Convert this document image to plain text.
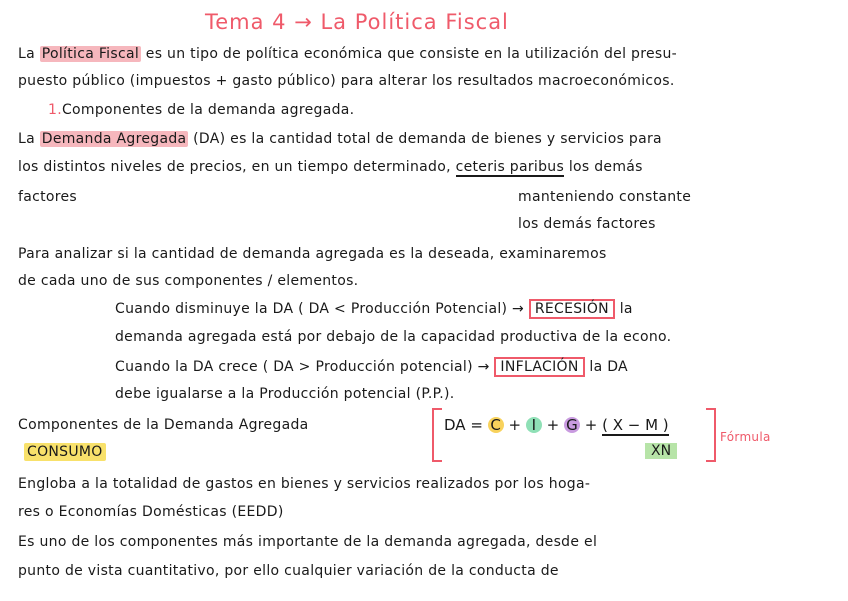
Tema 4 → La Política Fiscal
La Política Fiscal es un tipo de política económica que consiste en la utilización del presu-
puesto público (impuestos + gasto público) para alterar los resultados macroeconómicos.
1.Componentes de la demanda agregada.
La Demanda Agregada (DA) es la cantidad total de demanda de bienes y servicios para
los distintos niveles de precios, en un tiempo determinado, ceteris paribus los demás
factores	manteniendo constante
los demás factores
Para analizar si la cantidad de demanda agregada es la deseada, examinaremos
de cada uno de sus componentes / elementos.
Cuando disminuye la DA ( DA < Producción Potencial) → RECESIÓN la
demanda agregada está por debajo de la capacidad productiva de la econo.
Cuando la DA crece ( DA > Producción potencial) → INFLACIÓN la DA
debe igualarse a la Producción potencial (P.P.).
Componentes de la Demanda Agregada
CONSUMO
DA = C + I + G + ( X − M )
XN
Fórmula
Engloba a la totalidad de gastos en bienes y servicios realizados por los hoga-
res o Economías Domésticas (EEDD)
Es uno de los componentes más importante de la demanda agregada, desde el
punto de vista cuantitativo, por ello cualquier variación de la conducta de
